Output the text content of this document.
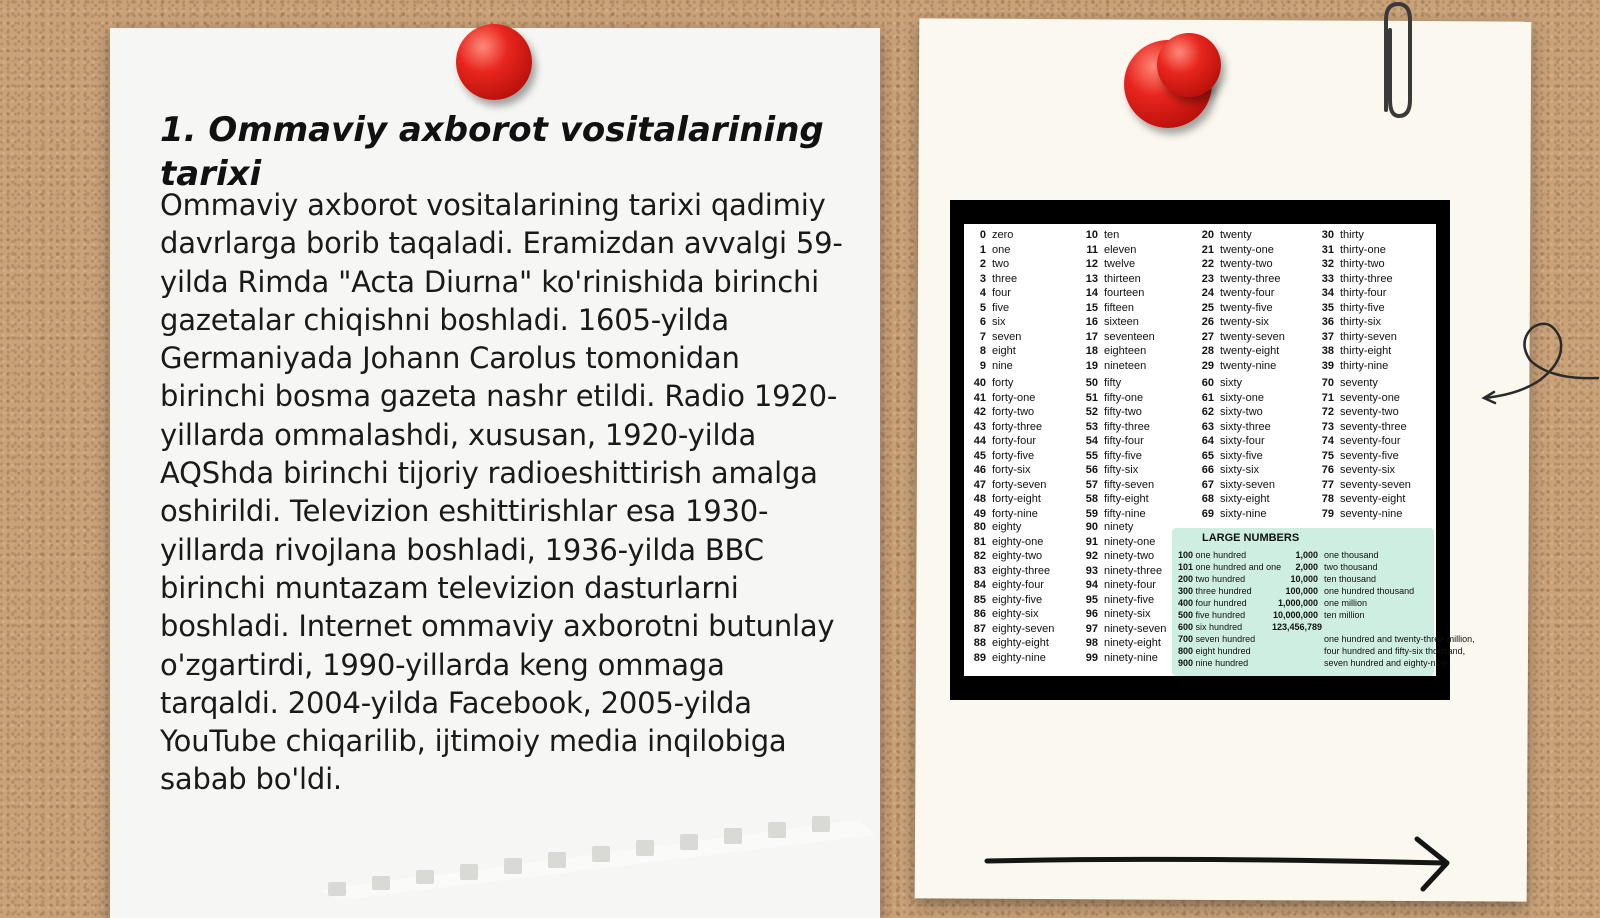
1. Ommaviy axborot vositalarining tarixi

Ommaviy axborot vositalarining tarixi qadimiy davrlarga borib taqaladi. Eramizdan avvalgi 59-yilda Rimda "Acta Diurna" ko'rinishida birinchi gazetalar chiqishni boshladi. 1605-yilda Germaniyada Johann Carolus tomonidan birinchi bosma gazeta nashr etildi. Radio 1920-yillarda ommalashdi, xususan, 1920-yilda AQShda birinchi tijoriy radioeshittirish amalga oshirildi. Televizion eshittirishlar esa 1930-yillarda rivojlana boshladi, 1936-yilda BBC birinchi muntazam televizion dasturlarni boshladi. Internet ommaviy axborotni butunlay o'zgartirdi, 1990-yillarda keng ommaga tarqaldi. 2004-yilda Facebook, 2005-yilda YouTube chiqarilib, ijtimoiy media inqilobiga sabab bo'ldi.

0 zero
1 one
2 two
3 three
4 four
5 five
6 six
7 seven
8 eight
9 nine
10 ten
11 eleven
12 twelve
13 thirteen
14 fourteen
15 fifteen
16 sixteen
17 seventeen
18 eighteen
19 nineteen
20 twenty
21 twenty-one
22 twenty-two
23 twenty-three
24 twenty-four
25 twenty-five
26 twenty-six
27 twenty-seven
28 twenty-eight
29 twenty-nine
30 thirty
31 thirty-one
32 thirty-two
33 thirty-three
34 thirty-four
35 thirty-five
36 thirty-six
37 thirty-seven
38 thirty-eight
39 thirty-nine
40 forty
41 forty-one
42 forty-two
43 forty-three
44 forty-four
45 forty-five
46 forty-six
47 forty-seven
48 forty-eight
49 forty-nine
50 fifty
51 fifty-one
52 fifty-two
53 fifty-three
54 fifty-four
55 fifty-five
56 fifty-six
57 fifty-seven
58 fifty-eight
59 fifty-nine
60 sixty
61 sixty-one
62 sixty-two
63 sixty-three
64 sixty-four
65 sixty-five
66 sixty-six
67 sixty-seven
68 sixty-eight
69 sixty-nine
70 seventy
71 seventy-one
72 seventy-two
73 seventy-three
74 seventy-four
75 seventy-five
76 seventy-six
77 seventy-seven
78 seventy-eight
79 seventy-nine
80 eighty
81 eighty-one
82 eighty-two
83 eighty-three
84 eighty-four
85 eighty-five
86 eighty-six
87 eighty-seven
88 eighty-eight
89 eighty-nine
90 ninety
91 ninety-one
92 ninety-two
93 ninety-three
94 ninety-four
95 ninety-five
96 ninety-six
97 ninety-seven
98 ninety-eight
99 ninety-nine
LARGE NUMBERS
100 one hundred	1,000 one thousand
101 one hundred and one 2,000 two thousand
200 two hundred	10,000 ten thousand
300 three hundred	100,000 one hundred thousand
400 four hundred	1,000,000 one million
500 five hundred	10,000,000 ten million
600 six hundred	123,456,789
700 seven hundred	one hundred and twenty-three million,
800 eight hundred	four hundred and fifty-six thousand,
900 nine hundred	seven hundred and eighty-nine.
